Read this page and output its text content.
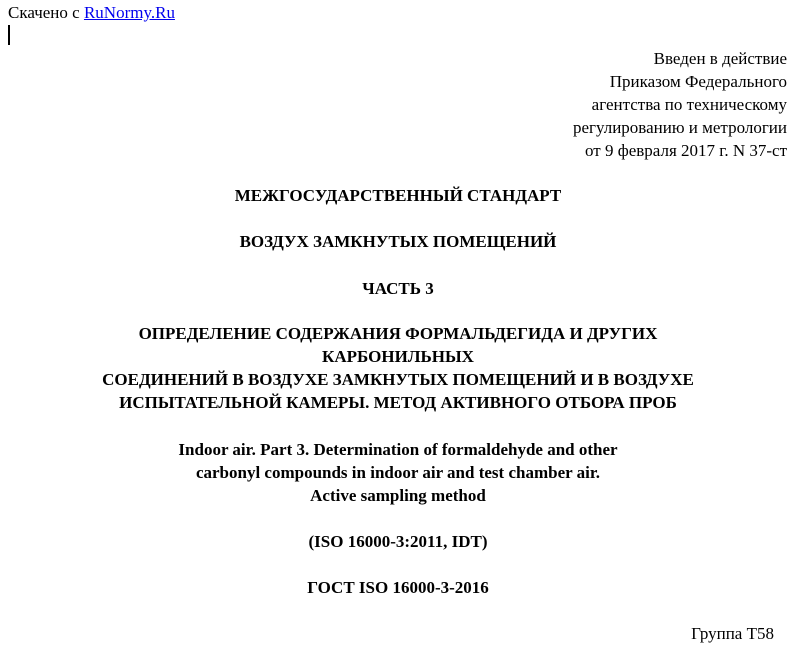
Скачено с RuNormy.Ru
Введен в действие
Приказом Федерального
агентства по техническому
регулированию и метрологии
от 9 февраля 2017 г. N 37-ст
МЕЖГОСУДАРСТВЕННЫЙ СТАНДАРТ
ВОЗДУХ ЗАМКНУТЫХ ПОМЕЩЕНИЙ
ЧАСТЬ 3
ОПРЕДЕЛЕНИЕ СОДЕРЖАНИЯ ФОРМАЛЬДЕГИДА И ДРУГИХ
КАРБОНИЛЬНЫХ
СОЕДИНЕНИЙ В ВОЗДУХЕ ЗАМКНУТЫХ ПОМЕЩЕНИЙ И В ВОЗДУХЕ
ИСПЫТАТЕЛЬНОЙ КАМЕРЫ. МЕТОД АКТИВНОГО ОТБОРА ПРОБ
Indoor air. Part 3. Determination of formaldehyde and other
carbonyl compounds in indoor air and test chamber air.
Active sampling method
(ISO 16000-3:2011, IDT)
ГОСТ ISO 16000-3-2016
Группа Т58
